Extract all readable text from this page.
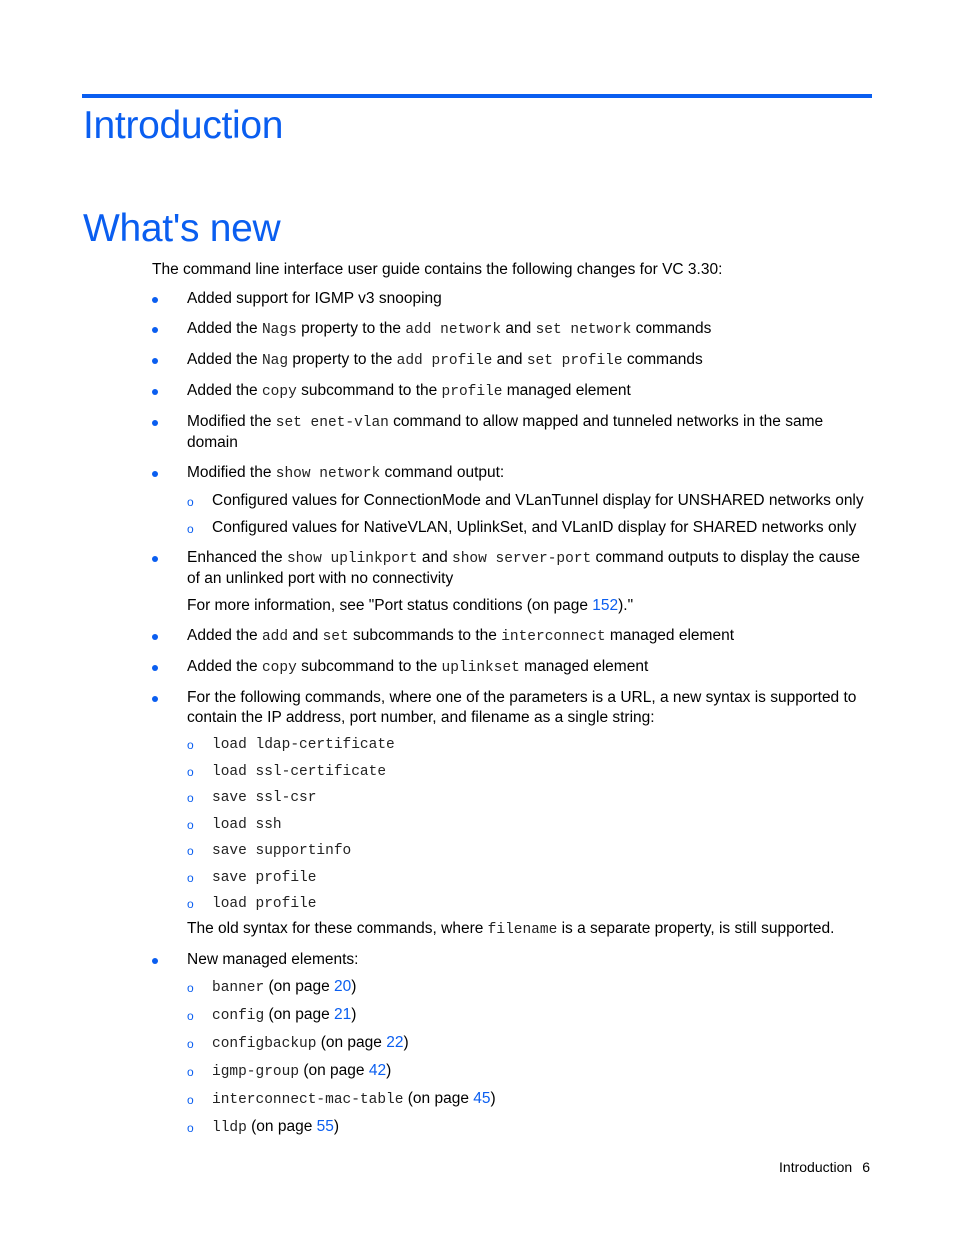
Introduction
What's new
The command line interface user guide contains the following changes for VC 3.30:
Added support for IGMP v3 snooping
Added the Nags property to the add network and set network commands
Added the Nag property to the add profile and set profile commands
Added the copy subcommand to the profile managed element
Modified the set enet-vlan command to allow mapped and tunneled networks in the same domain
Modified the show network command output:
o Configured values for ConnectionMode and VLanTunnel display for UNSHARED networks only
o Configured values for NativeVLAN, UplinkSet, and VLanID display for SHARED networks only
Enhanced the show uplinkport and show server-port command outputs to display the cause of an unlinked port with no connectivity
For more information, see "Port status conditions (on page 152)."
Added the add and set subcommands to the interconnect managed element
Added the copy subcommand to the uplinkset managed element
For the following commands, where one of the parameters is a URL, a new syntax is supported to contain the IP address, port number, and filename as a single string:
o load ldap-certificate
o load ssl-certificate
o save ssl-csr
o load ssh
o save supportinfo
o save profile
o load profile
The old syntax for these commands, where filename is a separate property, is still supported.
New managed elements:
o banner (on page 20)
o config (on page 21)
o configbackup (on page 22)
o igmp-group (on page 42)
o interconnect-mac-table (on page 45)
o lldp (on page 55)
Introduction 6
